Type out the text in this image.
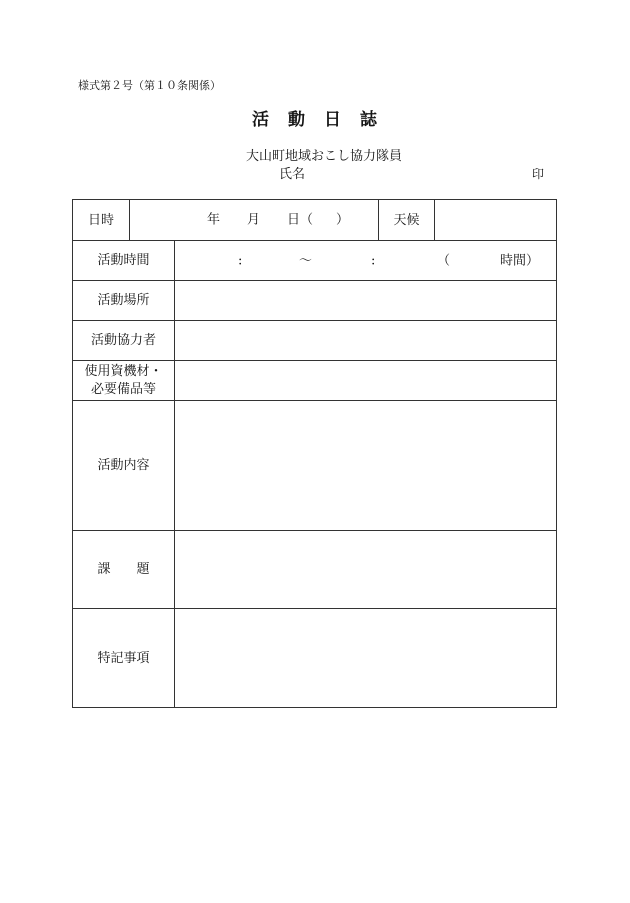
様式第２号（第１０条関係）
活　動　日　誌
大山町地域おこし協力隊員
氏名	印
日時	年 月 日（ ）	天候
活動時間	:	～	:	（	時間）
活動場所
活動協力者
使用資機材・
必要備品等
活動内容
課　　題
特記事項
